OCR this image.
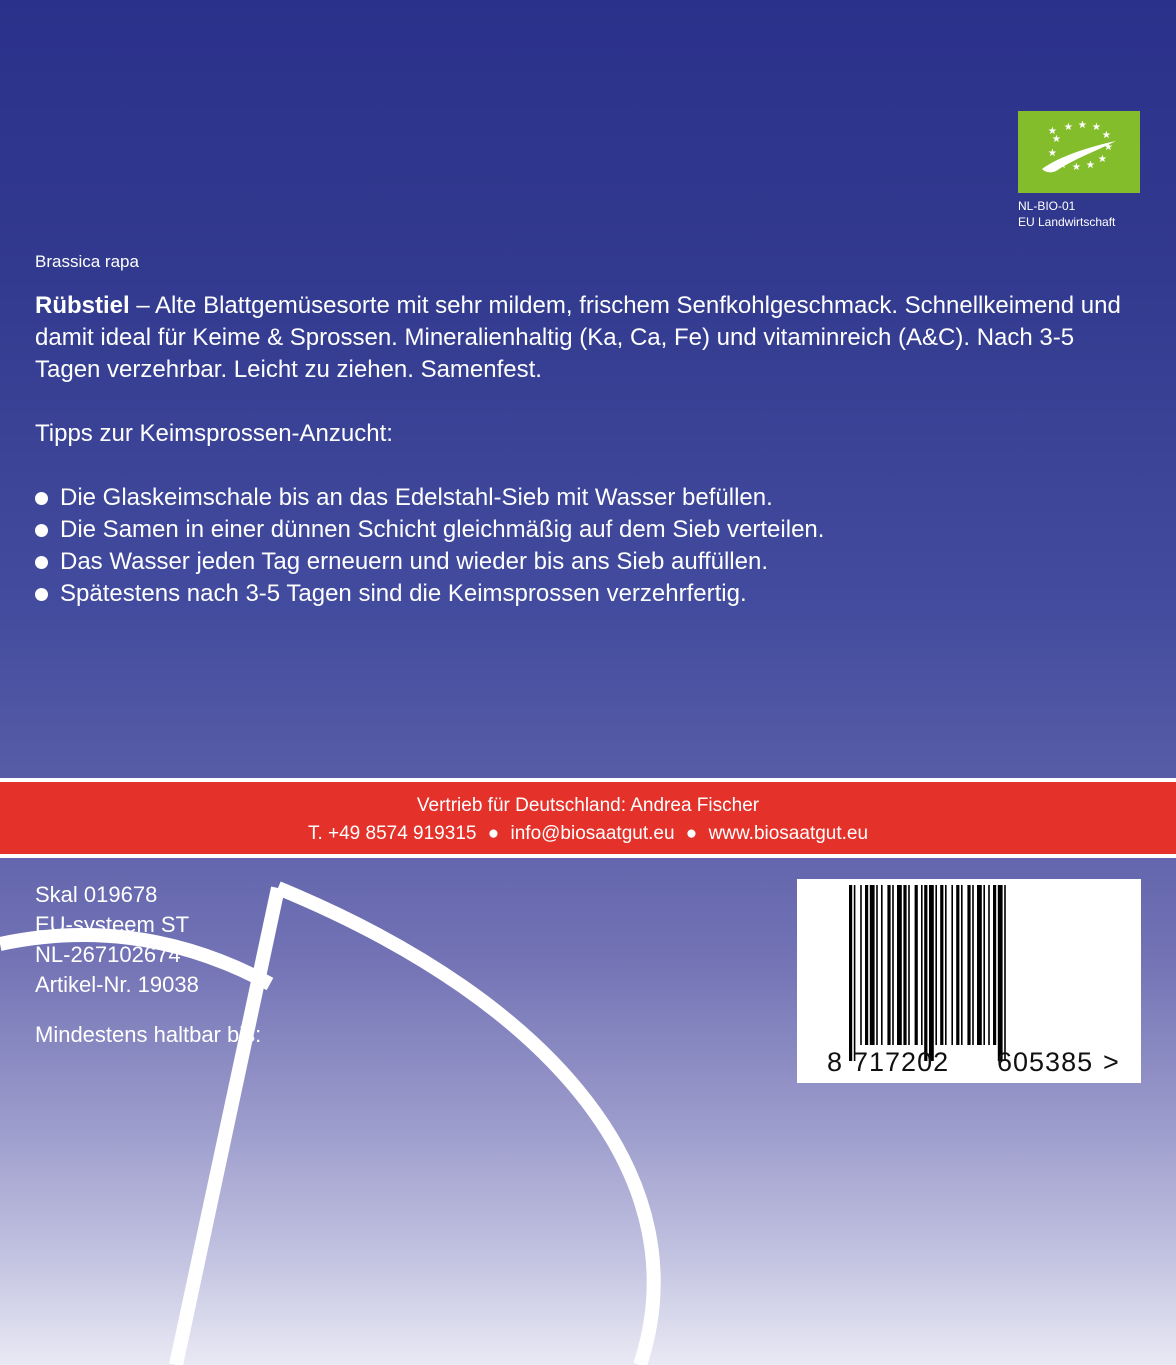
NL-BIO-01
EU Landwirtschaft
Brassica rapa

Rübstiel – Alte Blattgemüsesorte mit sehr mildem, frischem Senfkohlgeschmack. Schnellkeimend und damit ideal für Keime & Sprossen. Mineralienhaltig (Ka, Ca, Fe) und vitaminreich (A&C). Nach 3-5 Tagen verzehrbar. Leicht zu ziehen. Samenfest.

Tipps zur Keimsprossen-Anzucht:
Die Glaskeimschale bis an das Edelstahl-Sieb mit Wasser befüllen.
Die Samen in einer dünnen Schicht gleichmäßig auf dem Sieb verteilen.
Das Wasser jeden Tag erneuern und wieder bis ans Sieb auffüllen.
Spätestens nach 3-5 Tagen sind die Keimsprossen verzehrfertig.
Vertrieb für Deutschland: Andrea Fischer
T. +49 8574 919315 ● info@biosaatgut.eu ● www.biosaatgut.eu
Skal 019678
EU-systeem ST
NL-267102674
Artikel-Nr. 19038
Mindestens haltbar bis:
8 717202 605385 >
